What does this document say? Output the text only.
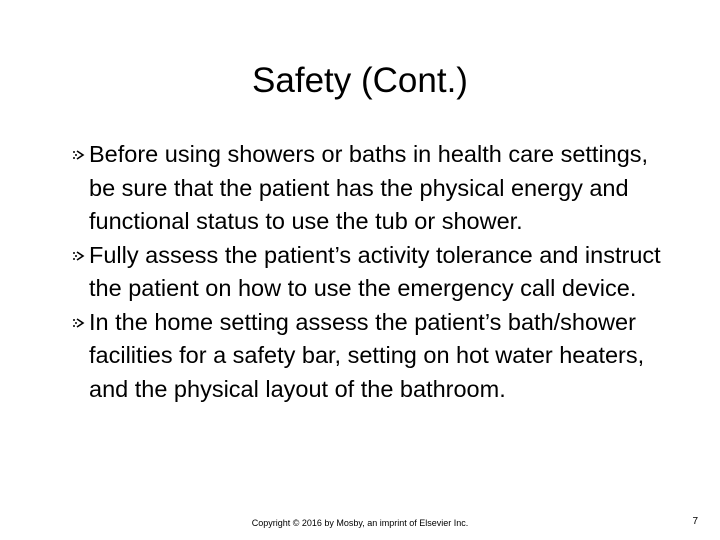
Safety (Cont.)
Before using showers or baths in health care settings, be sure that the patient has the physical energy and functional status to use the tub or shower.
Fully assess the patient’s activity tolerance and instruct the patient on how to use the emergency call device.
In the home setting assess the patient’s bath/shower facilities for a safety bar, setting on hot water heaters, and the physical layout of the bathroom.
Copyright © 2016 by Mosby, an imprint of Elsevier Inc.	7
